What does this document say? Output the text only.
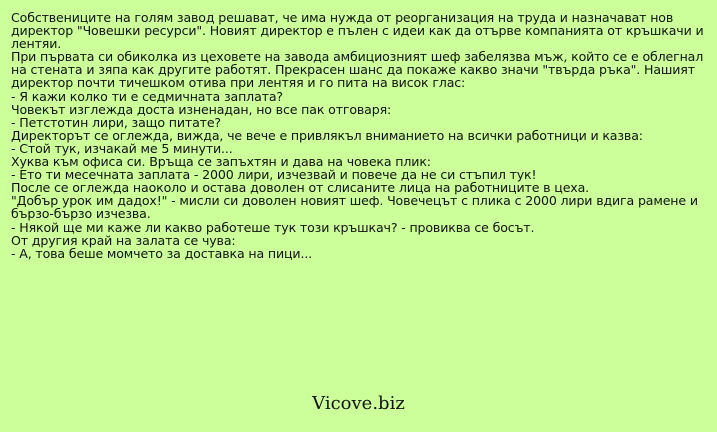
Собствениците на голям завод решават, че има нужда от реорганизация на труда и назначават нов директор "Човешки ресурси". Новият директор е пълен с идеи как да отърве компанията от кръшкачи и лентяи.

При първата си обиколка из цеховете на завода амбициозният шеф забелязва мъж, който се е облегнал на стената и зяпа как другите работят. Прекрасен шанс да покаже какво значи "твърда ръка". Нашият директор почти тичешком отива при лентяя и го пита на висок глас:

- Я кажи колко ти е седмичната заплата?

Човекът изглежда доста изненадан, но все пак отговаря:

- Петстотин лири, защо питате?

Директорът се оглежда, вижда, че вече е привлякъл вниманието на всички работници и казва:

- Стой тук, изчакай ме 5 минути...

Хуква към офиса си. Връща се запъхтян и дава на човека плик:

- Ето ти месечната заплата - 2000 лири, изчезвай и повече да не си стъпил тук!

После се оглежда наоколо и остава доволен от слисаните лица на работниците в цеха.

"Добър урок им дадох!" - мисли си доволен новият шеф. Човечецът с плика с 2000 лири вдига рамене и бързо-бързо изчезва.

- Някой ще ми каже ли какво работеше тук този кръшкач? - провиква се босът.

От другия край на залата се чува:

- А, това беше момчето за доставка на пици...

Vicove.biz
